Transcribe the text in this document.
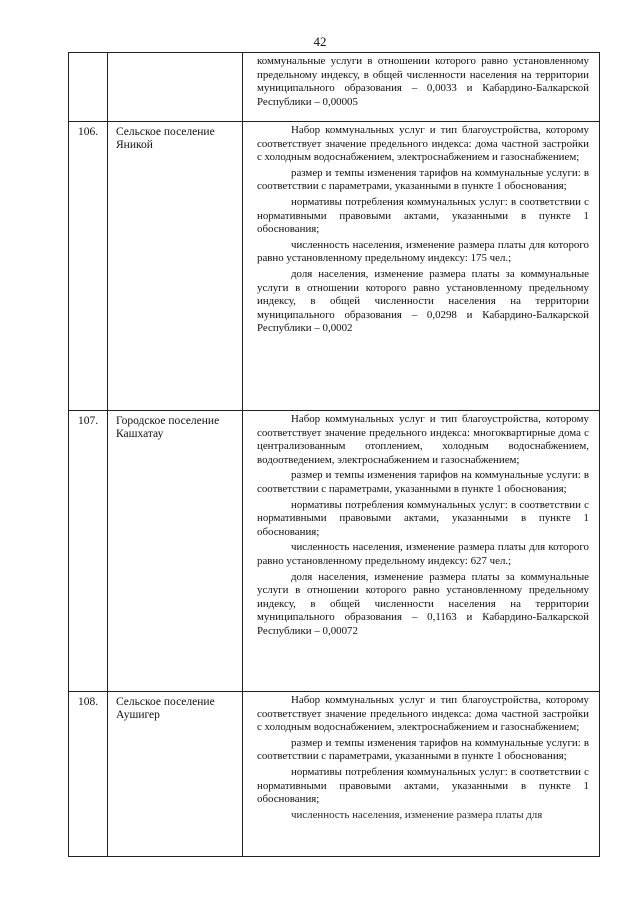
42

		коммунальные услуги в отношении которого равно установленному предельному индексу, в общей численности населения на территории муниципального образования – 0,0033 и Кабардино-Балкарской Республики – 0,00005

106.	Сельское поселение Яникой	Набор коммунальных услуг и тип благоустройства, которому соответствует значение предельного индекса: дома частной застройки с холодным водоснабжением, электроснабжением и газоснабжением;

размер и темпы изменения тарифов на коммунальные услуги: в соответствии с параметрами, указанными в пункте 1 обоснования;

нормативы потребления коммунальных услуг: в соответствии с нормативными правовыми актами, указанными в пункте 1 обоснования;

численность населения, изменение размера платы для которого равно установленному предельному индексу: 175 чел.;

доля населения, изменение размера платы за коммунальные услуги в отношении которого равно установленному предельному индексу, в общей численности населения на территории муниципального образования – 0,0298 и Кабардино-Балкарской Республики – 0,0002

107.	Городское поселение Кашхатау	Набор коммунальных услуг и тип благоустройства, которому соответствует значение предельного индекса: многоквартирные дома с централизованным отоплением, холодным водоснабжением, водоотведением, электроснабжением и газоснабжением;

размер и темпы изменения тарифов на коммунальные услуги: в соответствии с параметрами, указанными в пункте 1 обоснования;

нормативы потребления коммунальных услуг: в соответствии с нормативными правовыми актами, указанными в пункте 1 обоснования;

численность населения, изменение размера платы для которого равно установленному предельному индексу: 627 чел.;

доля населения, изменение размера платы за коммунальные услуги в отношении которого равно установленному предельному индексу, в общей численности населения на территории муниципального образования – 0,1163 и Кабардино-Балкарской Республики – 0,00072

108.	Сельское поселение Аушигер	Набор коммунальных услуг и тип благоустройства, которому соответствует значение предельного индекса: дома частной застройки с холодным водоснабжением, электроснабжением и газоснабжением;

размер и темпы изменения тарифов на коммунальные услуги: в соответствии с параметрами, указанными в пункте 1 обоснования;

нормативы потребления коммунальных услуг: в соответствии с нормативными правовыми актами, указанными в пункте 1 обоснования;

численность населения, изменение размера платы для
